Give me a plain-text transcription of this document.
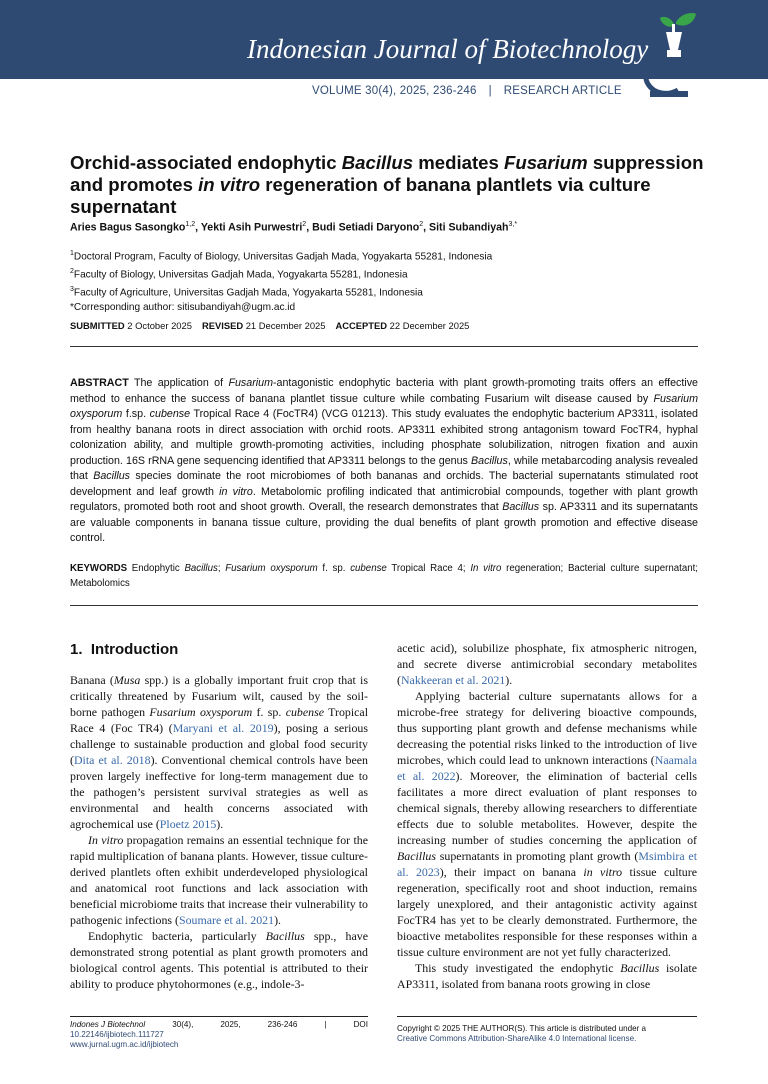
Indonesian Journal of Biotechnology
VOLUME 30(4), 2025, 236-246 | RESEARCH ARTICLE
Orchid-associated endophytic Bacillus mediates Fusarium suppression and promotes in vitro regeneration of banana plantlets via culture supernatant
Aries Bagus Sasongko$^{1,2}$, Yekti Asih Purwestri$^2$, Budi Setiadi Daryono$^2$, Siti Subandiyah$^{3,*}$
$^1$Doctoral Program, Faculty of Biology, Universitas Gadjah Mada, Yogyakarta 55281, Indonesia
$^2$Faculty of Biology, Universitas Gadjah Mada, Yogyakarta 55281, Indonesia
$^3$Faculty of Agriculture, Universitas Gadjah Mada, Yogyakarta 55281, Indonesia
*Corresponding author: sitisubandiyah@ugm.ac.id
SUBMITTED 2 October 2025 REVISED 21 December 2025 ACCEPTED 22 December 2025
ABSTRACT The application of Fusarium-antagonistic endophytic bacteria with plant growth-promoting traits offers an effective method to enhance the success of banana plantlet tissue culture while combating Fusarium wilt disease caused by Fusarium oxysporum f.sp. cubense Tropical Race 4 (FocTR4) (VCG 01213). This study evaluates the endophytic bacterium AP3311, isolated from healthy banana roots in direct association with orchid roots. AP3311 exhibited strong antagonism toward FocTR4, hyphal colonization ability, and multiple growth-promoting activities, including phosphate solubilization, nitrogen fixation and auxin production. 16S rRNA gene sequencing identified that AP3311 belongs to the genus Bacillus, while metabarcoding analysis revealed that Bacillus species dominate the root microbiomes of both bananas and orchids. The bacterial supernatants stimulated root development and leaf growth in vitro. Metabolomic profiling indicated that antimicrobial compounds, together with plant growth regulators, promoted both root and shoot growth. Overall, the research demonstrates that Bacillus sp. AP3311 and its supernatants are valuable components in banana tissue culture, providing the dual benefits of plant growth promotion and effective disease control.
KEYWORDS Endophytic Bacillus; Fusarium oxysporum f. sp. cubense Tropical Race 4; In vitro regeneration; Bacterial culture supernatant; Metabolomics
1. Introduction

Banana (Musa spp.) is a globally important fruit crop that is critically threatened by Fusarium wilt, caused by the soil-borne pathogen Fusarium oxysporum f. sp. cubense Tropical Race 4 (Foc TR4) (Maryani et al. 2019), posing a serious challenge to sustainable production and global food security (Dita et al. 2018). Conventional chemical controls have been proven largely ineffective for long-term management due to the pathogen’s persistent survival strategies as well as environmental and health concerns associated with agrochemical use (Ploetz 2015).

In vitro propagation remains an essential technique for the rapid multiplication of banana plants. However, tissue culture-derived plantlets often exhibit underdeveloped physiological and anatomical root functions and lack association with beneficial microbiome traits that increase their vulnerability to pathogenic infections (Soumare et al. 2021).

Endophytic bacteria, particularly Bacillus spp., have demonstrated strong potential as plant growth promoters and biological control agents. This potential is attributed to their ability to produce phytohormones (e.g., indole-3-

acetic acid), solubilize phosphate, fix atmospheric nitrogen, and secrete diverse antimicrobial secondary metabolites (Nakkeeran et al. 2021).

Applying bacterial culture supernatants allows for a microbe-free strategy for delivering bioactive compounds, thus supporting plant growth and defense mechanisms while decreasing the potential risks linked to the introduction of live microbes, which could lead to unknown interactions (Naamala et al. 2022). Moreover, the elimination of bacterial cells facilitates a more direct evaluation of plant responses to chemical signals, thereby allowing researchers to differentiate effects due to soluble metabolites. However, despite the increasing number of studies concerning the application of Bacillus supernatants in promoting plant growth (Msimbira et al. 2023), their impact on banana in vitro tissue culture regeneration, specifically root and shoot induction, remains largely unexplored, and their antagonistic activity against FocTR4 has yet to be clearly demonstrated. Furthermore, the bioactive metabolites responsible for these responses within a tissue culture environment are not yet fully characterized.

This study investigated the endophytic Bacillus isolate AP3311, isolated from banana roots growing in close

Indones J Biotechnol	30(4),	2025,	236-246	|	DOI
10.22146/ijbiotech.111727
www.jurnal.ugm.ac.id/ijbiotech
Copyright © 2025 THE AUTHOR(S). This article is distributed under a
Creative Commons Attribution-ShareAlike 4.0 International license.
